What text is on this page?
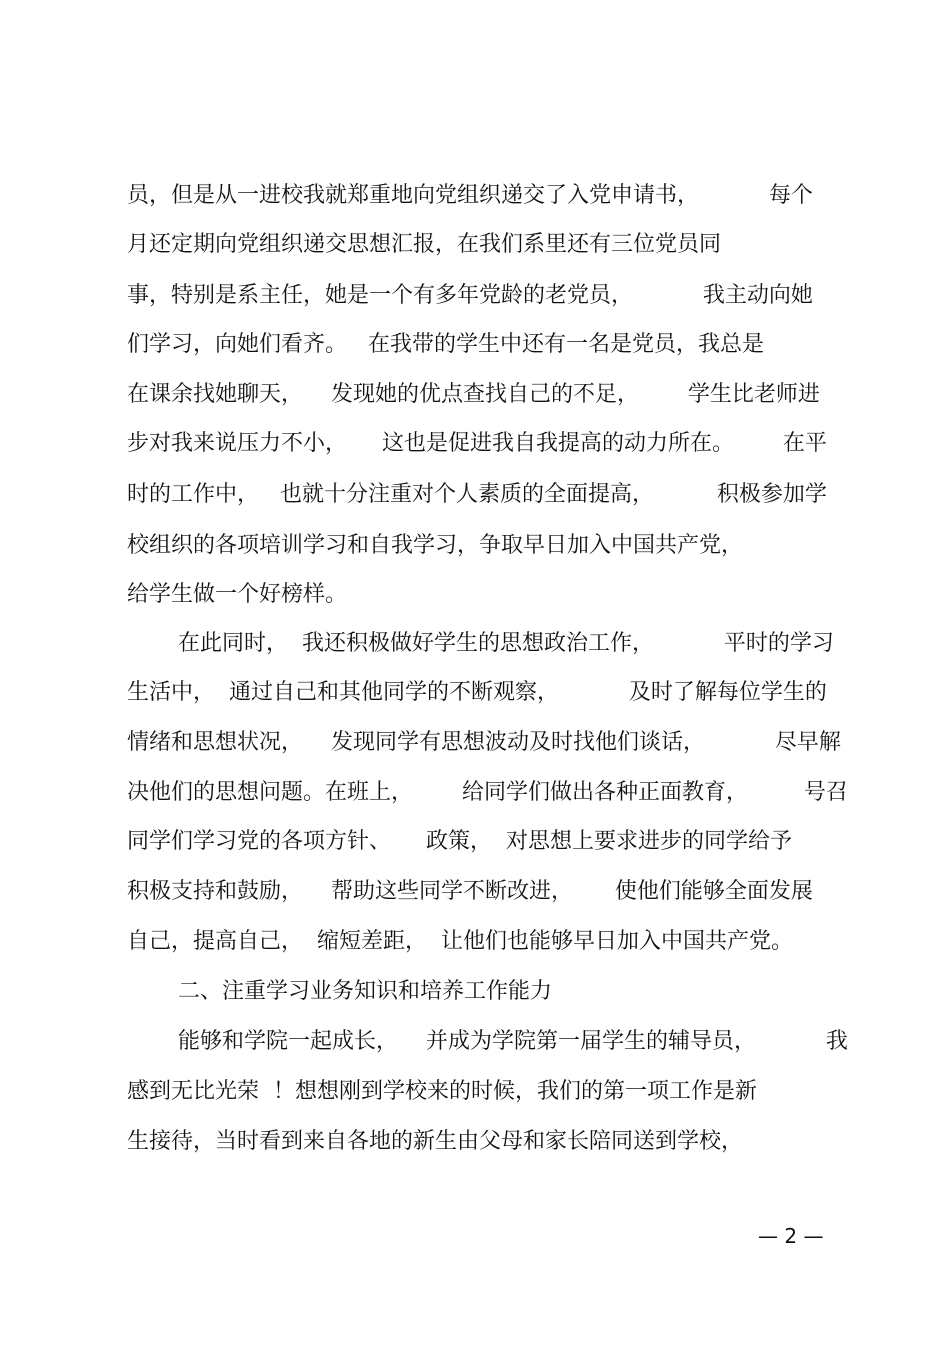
员，但是从一进校我就郑重地向党组织递交了入党申请书，          每个
月还定期向党组织递交思想汇报，在我们系里还有三位党员同
事，特别是系主任，她是一个有多年党龄的老党员，          我主动向她
们学习，向她们看齐。   在我带的学生中还有一名是党员，我总是
在课余找她聊天，    发现她的优点查找自己的不足，       学生比老师进
步对我来说压力不小，     这也是促进我自我提高的动力所在。       在平
时的工作中，   也就十分注重对个人素质的全面提高，         积极参加学
校组织的各项培训学习和自我学习，争取早日加入中国共产党，
给学生做一个好榜样。
在此同时，  我还积极做好学生的思想政治工作，          平时的学习
生活中，  通过自己和其他同学的不断观察，          及时了解每位学生的
情绪和思想状况，    发现同学有思想波动及时找他们谈话，          尽早解
决他们的思想问题。在班上，       给同学们做出各种正面教育，        号召
同学们学习党的各项方针、     政策，  对思想上要求进步的同学给予
积极支持和鼓励，    帮助这些同学不断改进，      使他们能够全面发展
自己，提高自己，  缩短差距，  让他们也能够早日加入中国共产党。
二、注重学习业务知识和培养工作能力
能够和学院一起成长，    并成为学院第一届学生的辅导员，          我
感到无比光荣  ！想想刚到学校来的时候，我们的第一项工作是新
生接待，当时看到来自各地的新生由父母和家长陪同送到学校，
— 2 —
